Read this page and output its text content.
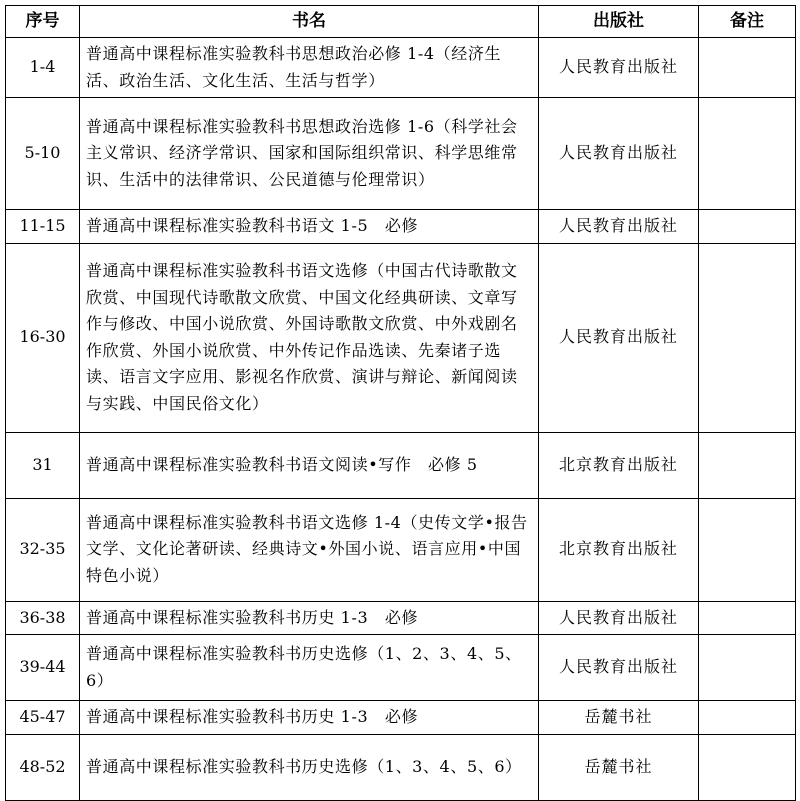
序号	书名	出版社	备注
1-4	普通高中课程标准实验教科书思想政治必修 1-4（经济生活、政治生活、文化生活、生活与哲学）	人民教育出版社	
5-10	普通高中课程标准实验教科书思想政治选修 1-6（科学社会主义常识、经济学常识、国家和国际组织常识、科学思维常识、生活中的法律常识、公民道德与伦理常识）	人民教育出版社	
11-15	普通高中课程标准实验教科书语文 1-5　必修	人民教育出版社	
16-30	普通高中课程标准实验教科书语文选修（中国古代诗歌散文欣赏、中国现代诗歌散文欣赏、中国文化经典研读、文章写作与修改、中国小说欣赏、外国诗歌散文欣赏、中外戏剧名作欣赏、外国小说欣赏、中外传记作品选读、先秦诸子选读、语言文字应用、影视名作欣赏、演讲与辩论、新闻阅读与实践、中国民俗文化）	人民教育出版社	
31	普通高中课程标准实验教科书语文阅读•写作　必修 5	北京教育出版社	
32-35	普通高中课程标准实验教科书语文选修 1-4（史传文学•报告文学、文化论著研读、经典诗文•外国小说、语言应用•中国特色小说）	北京教育出版社	
36-38	普通高中课程标准实验教科书历史 1-3　必修	人民教育出版社	
39-44	普通高中课程标准实验教科书历史选修（1、2、3、4、5、6）	人民教育出版社	
45-47	普通高中课程标准实验教科书历史 1-3　必修	岳麓书社	
48-52	普通高中课程标准实验教科书历史选修（1、3、4、5、6）	岳麓书社	
